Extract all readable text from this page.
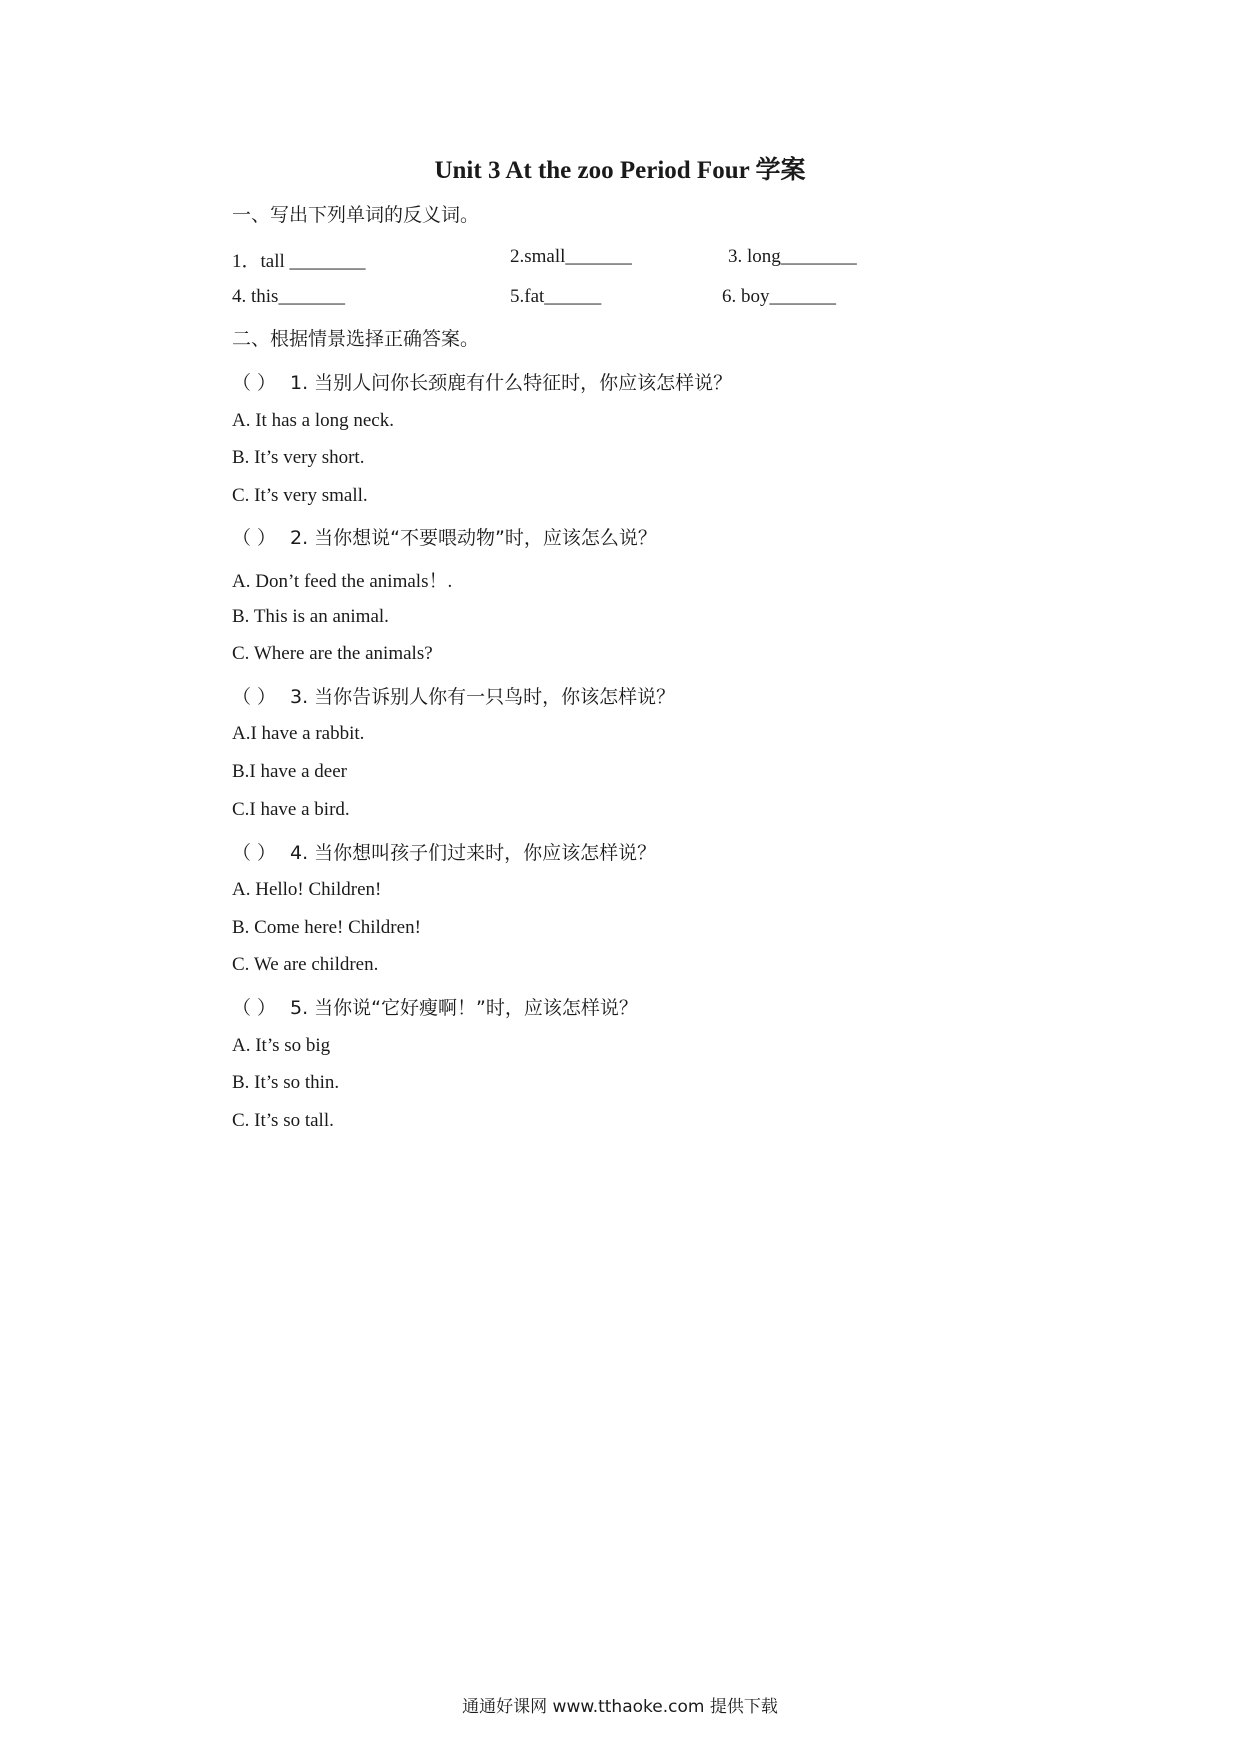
Unit 3 At the zoo Period Four 学案
一、写出下列单词的反义词。
1．tall ________	2.small_______	3. long________
4. this_______	5.fat______	6. boy_______
二、根据情景选择正确答案。
（ ） 1. 当别人问你长颈鹿有什么特征时，你应该怎样说？
A. It has a long neck.
B. It’s very short.
C. It’s very small.
（ ） 2. 当你想说“不要喂动物”时，应该怎么说？
A. Don’t feed the animals！.
B. This is an animal.
C. Where are the animals?
（ ） 3. 当你告诉别人你有一只鸟时，你该怎样说？
A.I have a rabbit.
B.I have a deer
C.I have a bird.
（ ） 4. 当你想叫孩子们过来时，你应该怎样说？
A. Hello! Children!
B. Come here! Children!
C. We are children.
（ ） 5. 当你说“它好瘦啊！”时，应该怎样说？
A. It’s so big
B. It’s so thin.
C. It’s so tall.
通通好课网 www.tthaoke.com 提供下载
